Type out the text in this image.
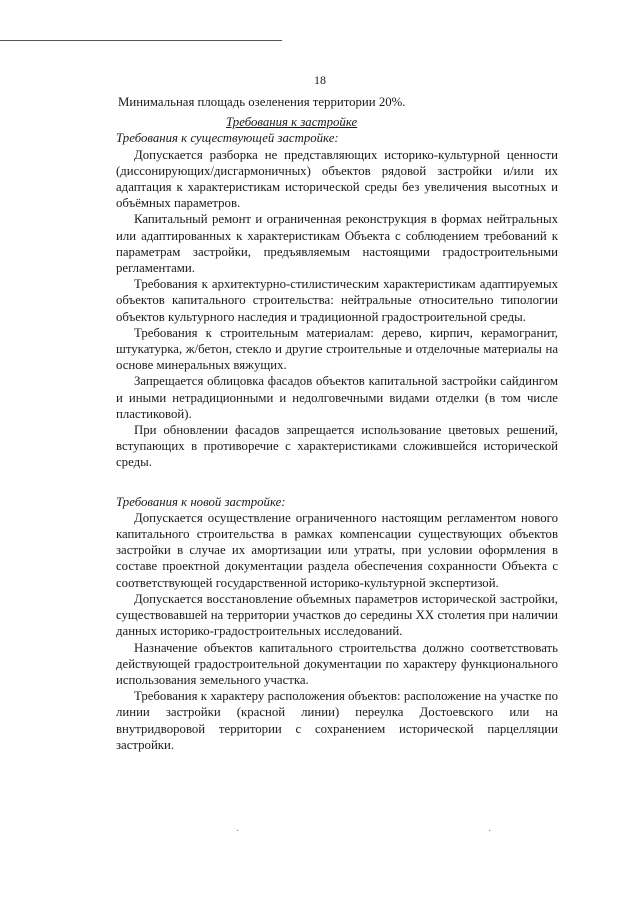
18

Минимальная площадь озеленения территории 20%.

Требования к застройке

Требования к существующей застройке:

Допускается разборка не представляющих историко-культурной ценности (диссонирующих/дисгармоничных) объектов рядовой застройки и/или их адаптация к характеристикам исторической среды без увеличения высотных и объёмных параметров.

Капитальный ремонт и ограниченная реконструкция в формах нейтральных или адаптированных к характеристикам Объекта с соблюдением требований к параметрам застройки, предъявляемым настоящими градостроительными регламентами.

Требования к архитектурно-стилистическим характеристикам адаптируемых объектов капитального строительства: нейтральные относительно типологии объектов культурного наследия и традиционной градостроительной среды.

Требования к строительным материалам: дерево, кирпич, керамогранит, штукатурка, ж/бетон, стекло и другие строительные и отделочные материалы на основе минеральных вяжущих.

Запрещается облицовка фасадов объектов капитальной застройки сайдингом и иными нетрадиционными и недолговечными видами отделки (в том числе пластиковой).

При обновлении фасадов запрещается использование цветовых решений, вступающих в противоречие с характеристиками сложившейся исторической среды.

Требования к новой застройке:

Допускается осуществление ограниченного настоящим регламентом нового капитального строительства в рамках компенсации существующих объектов застройки в случае их амортизации или утраты, при условии оформления в составе проектной документации раздела обеспечения сохранности Объекта с соответствующей государственной историко-культурной экспертизой.

Допускается восстановление объемных параметров исторической застройки, существовавшей на территории участков до середины XX столетия при наличии данных историко-градостроительных исследований.

Назначение объектов капитального строительства должно соответствовать действующей градостроительной документации по характеру функционального использования земельного участка.

Требования к характеру расположения объектов: расположение на участке по линии застройки (красной линии) переулка Достоевского или на внутридворовой территории с сохранением исторической парцелляции застройки.

·	·
